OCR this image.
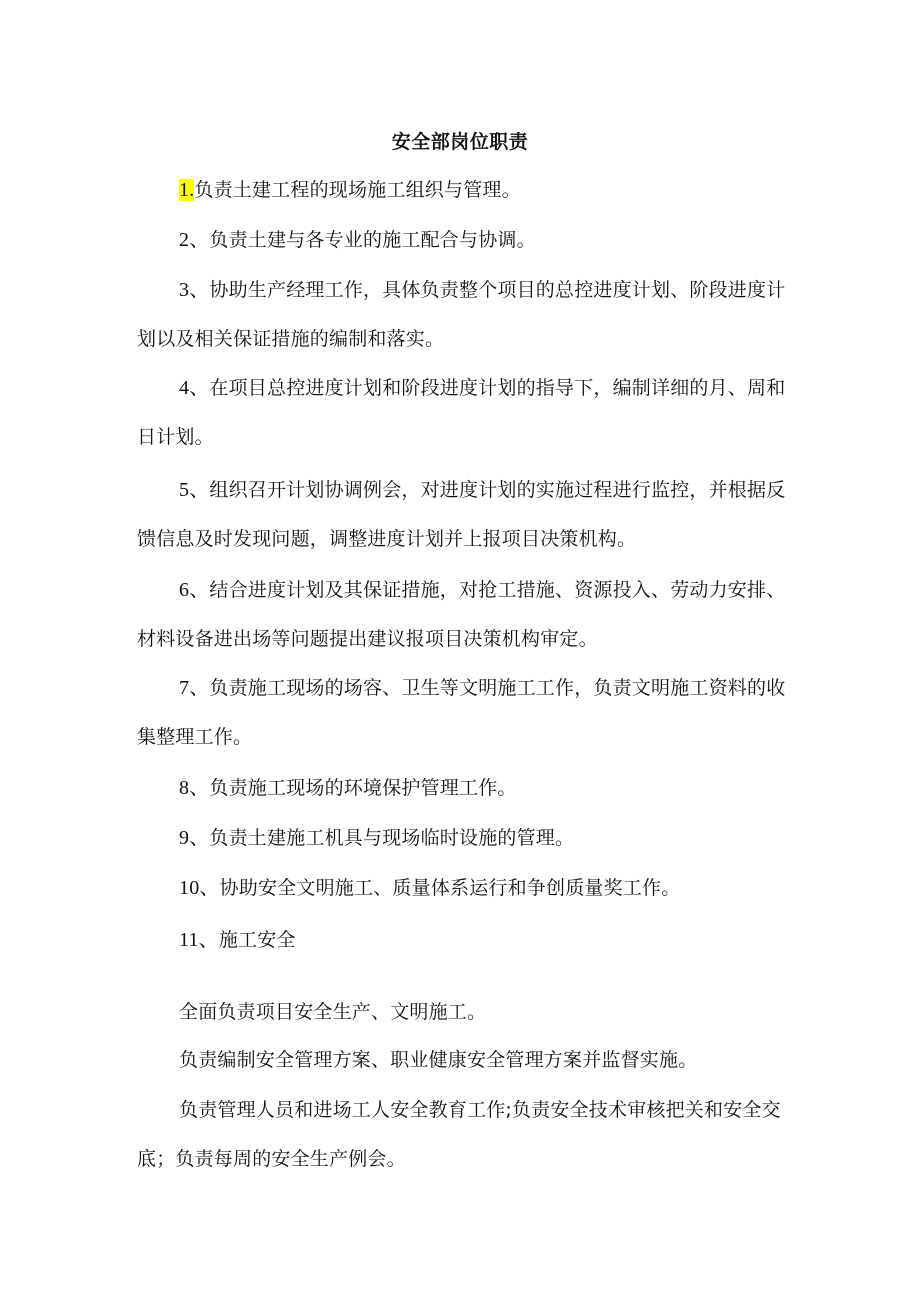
安全部岗位职责

1.负责土建工程的现场施工组织与管理。

2、负责土建与各专业的施工配合与协调。

3、协助生产经理工作，具体负责整个项目的总控进度计划、阶段进度计划以及相关保证措施的编制和落实。

4、在项目总控进度计划和阶段进度计划的指导下，编制详细的月、周和日计划。

5、组织召开计划协调例会，对进度计划的实施过程进行监控，并根据反馈信息及时发现问题，调整进度计划并上报项目决策机构。

6、结合进度计划及其保证措施，对抢工措施、资源投入、劳动力安排、材料设备进出场等问题提出建议报项目决策机构审定。

7、负责施工现场的场容、卫生等文明施工工作，负责文明施工资料的收集整理工作。

8、负责施工现场的环境保护管理工作。

9、负责土建施工机具与现场临时设施的管理。

10、协助安全文明施工、质量体系运行和争创质量奖工作。

11、施工安全

全面负责项目安全生产、文明施工。

负责编制安全管理方案、职业健康安全管理方案并监督实施。

负责管理人员和进场工人安全教育工作;负责安全技术审核把关和安全交底；负责每周的安全生产例会。
